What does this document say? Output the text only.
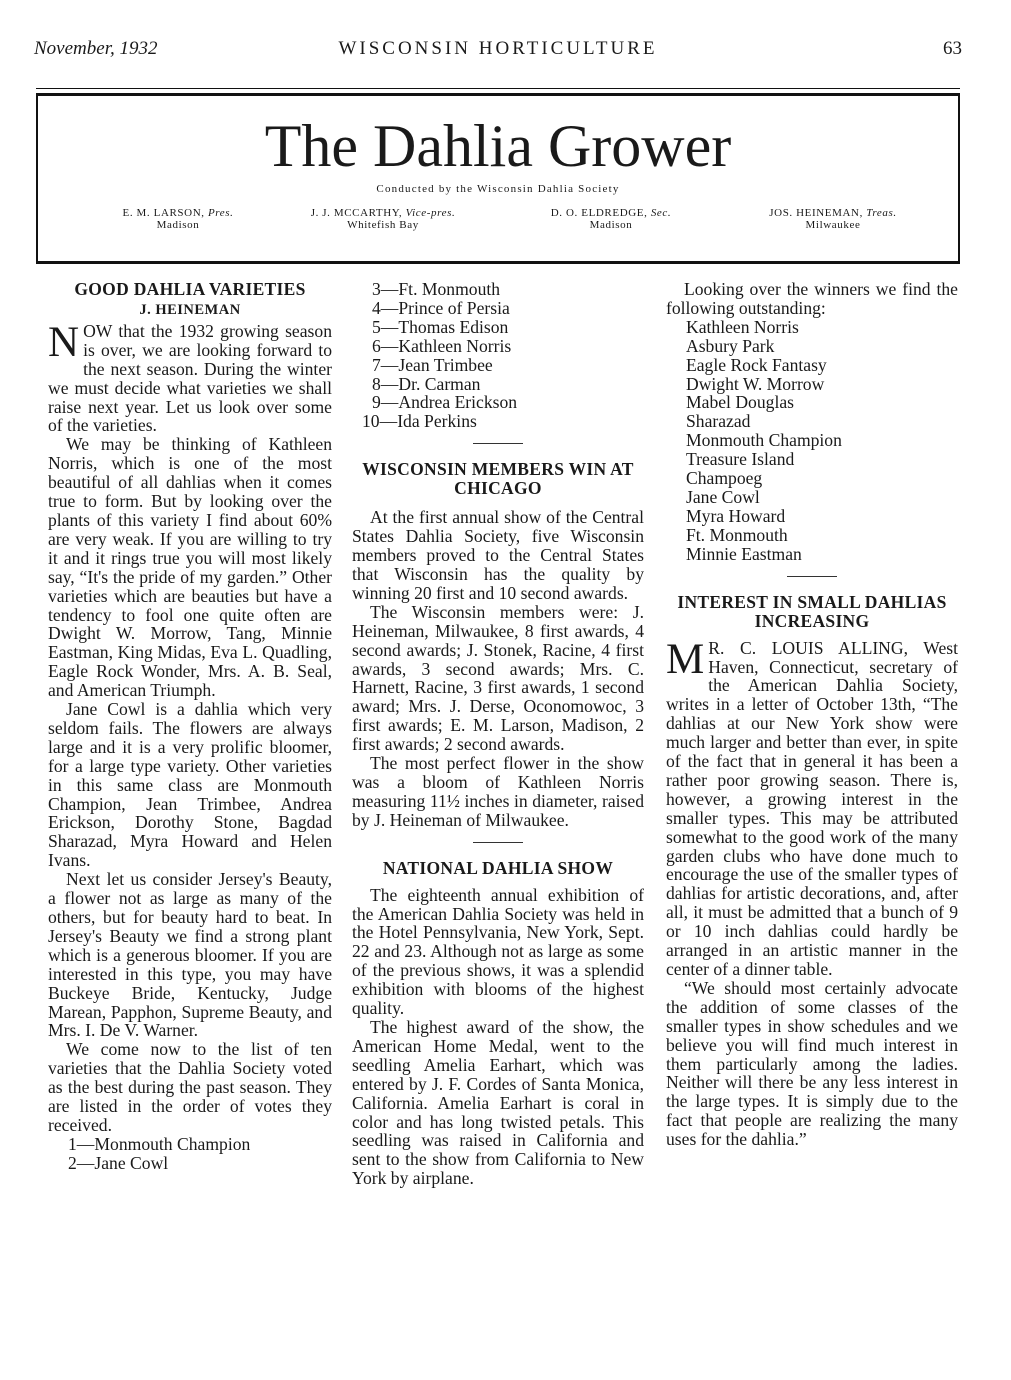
November, 1932	WISCONSIN HORTICULTURE	63
The Dahlia Grower
Conducted by the Wisconsin Dahlia Society
E. M. LARSON, Pres.
Madison
J. J. MCCARTHY, Vice-pres.
Whitefish Bay
D. O. ELDREDGE, Sec.
Madison
JOS. HEINEMAN, Treas.
Milwaukee
GOOD DAHLIA VARIETIES
J. HEINEMAN

NOW that the 1932 growing season is over, we are looking forward to the next season. During the winter we must decide what varieties we shall raise next year. Let us look over some of the varieties.

We may be thinking of Kathleen Norris, which is one of the most beautiful of all dahlias when it comes true to form. But by looking over the plants of this variety I find about 60% are very weak. If you are willing to try it and it rings true you will most likely say, “It's the pride of my garden.” Other varieties which are beauties but have a tendency to fool one quite often are Dwight W. Morrow, Tang, Minnie Eastman, King Midas, Eva L. Quadling, Eagle Rock Wonder, Mrs. A. B. Seal, and American Triumph.

Jane Cowl is a dahlia which very seldom fails. The flowers are always large and it is a very prolific bloomer, for a large type variety. Other varieties in this same class are Monmouth Champion, Jean Trimbee, Andrea Erickson, Dorothy Stone, Bagdad Sharazad, Myra Howard and Helen Ivans.

Next let us consider Jersey's Beauty, a flower not as large as many of the others, but for beauty hard to beat. In Jersey's Beauty we find a strong plant which is a generous bloomer. If you are interested in this type, you may have Buckeye Bride, Kentucky, Judge Marean, Papphon, Supreme Beauty, and Mrs. I. De V. Warner.

We come now to the list of ten varieties that the Dahlia Society voted as the best during the past season. They are listed in the order of votes they received.

1—Monmouth Champion

2—Jane Cowl

3—Ft. Monmouth

4—Prince of Persia

5—Thomas Edison

6—Kathleen Norris

7—Jean Trimbee

8—Dr. Carman

9—Andrea Erickson

10—Ida Perkins

WISCONSIN MEMBERS WIN AT CHICAGO

At the first annual show of the Central States Dahlia Society, five Wisconsin members proved to the Central States that Wisconsin has the quality by winning 20 first and 10 second awards.

The Wisconsin members were: J. Heineman, Milwaukee, 8 first awards, 4 second awards; J. Stonek, Racine, 4 first awards, 3 second awards; Mrs. C. Harnett, Racine, 3 first awards, 1 second award; Mrs. J. Derse, Oconomowoc, 3 first awards; E. M. Larson, Madison, 2 first awards; 2 second awards.

The most perfect flower in the show was a bloom of Kathleen Norris measuring 11½ inches in diameter, raised by J. Heineman of Milwaukee.

NATIONAL DAHLIA SHOW

The eighteenth annual exhibition of the American Dahlia Society was held in the Hotel Pennsylvania, New York, Sept. 22 and 23. Although not as large as some of the previous shows, it was a splendid exhibition with blooms of the highest quality.

The highest award of the show, the American Home Medal, went to the seedling Amelia Earhart, which was entered by J. F. Cordes of Santa Monica, California. Amelia Earhart is coral in color and has long twisted petals. This seedling was raised in California and sent to the show from California to New York by airplane.

Looking over the winners we find the following outstanding:

Kathleen Norris

Asbury Park

Eagle Rock Fantasy

Dwight W. Morrow

Mabel Douglas

Sharazad

Monmouth Champion

Treasure Island

Champoeg

Jane Cowl

Myra Howard

Ft. Monmouth

Minnie Eastman

INTEREST IN SMALL DAHLIAS INCREASING

M R. C. LOUIS ALLING, West Haven, Connecticut, secretary of the American Dahlia Society, writes in a letter of October 13th, “The dahlias at our New York show were much larger and better than ever, in spite of the fact that in general it has been a rather poor growing season. There is, however, a growing interest in the smaller types. This may be attributed somewhat to the good work of the many garden clubs who have done much to encourage the use of the smaller types of dahlias for artistic decorations, and, after all, it must be admitted that a bunch of 9 or 10 inch dahlias could hardly be arranged in an artistic manner in the center of a dinner table.

“We should most certainly advocate the addition of some classes of the smaller types in show schedules and we believe you will find much interest in them particularly among the ladies. Neither will there be any less interest in the large types. It is simply due to the fact that people are realizing the many uses for the dahlia.”
